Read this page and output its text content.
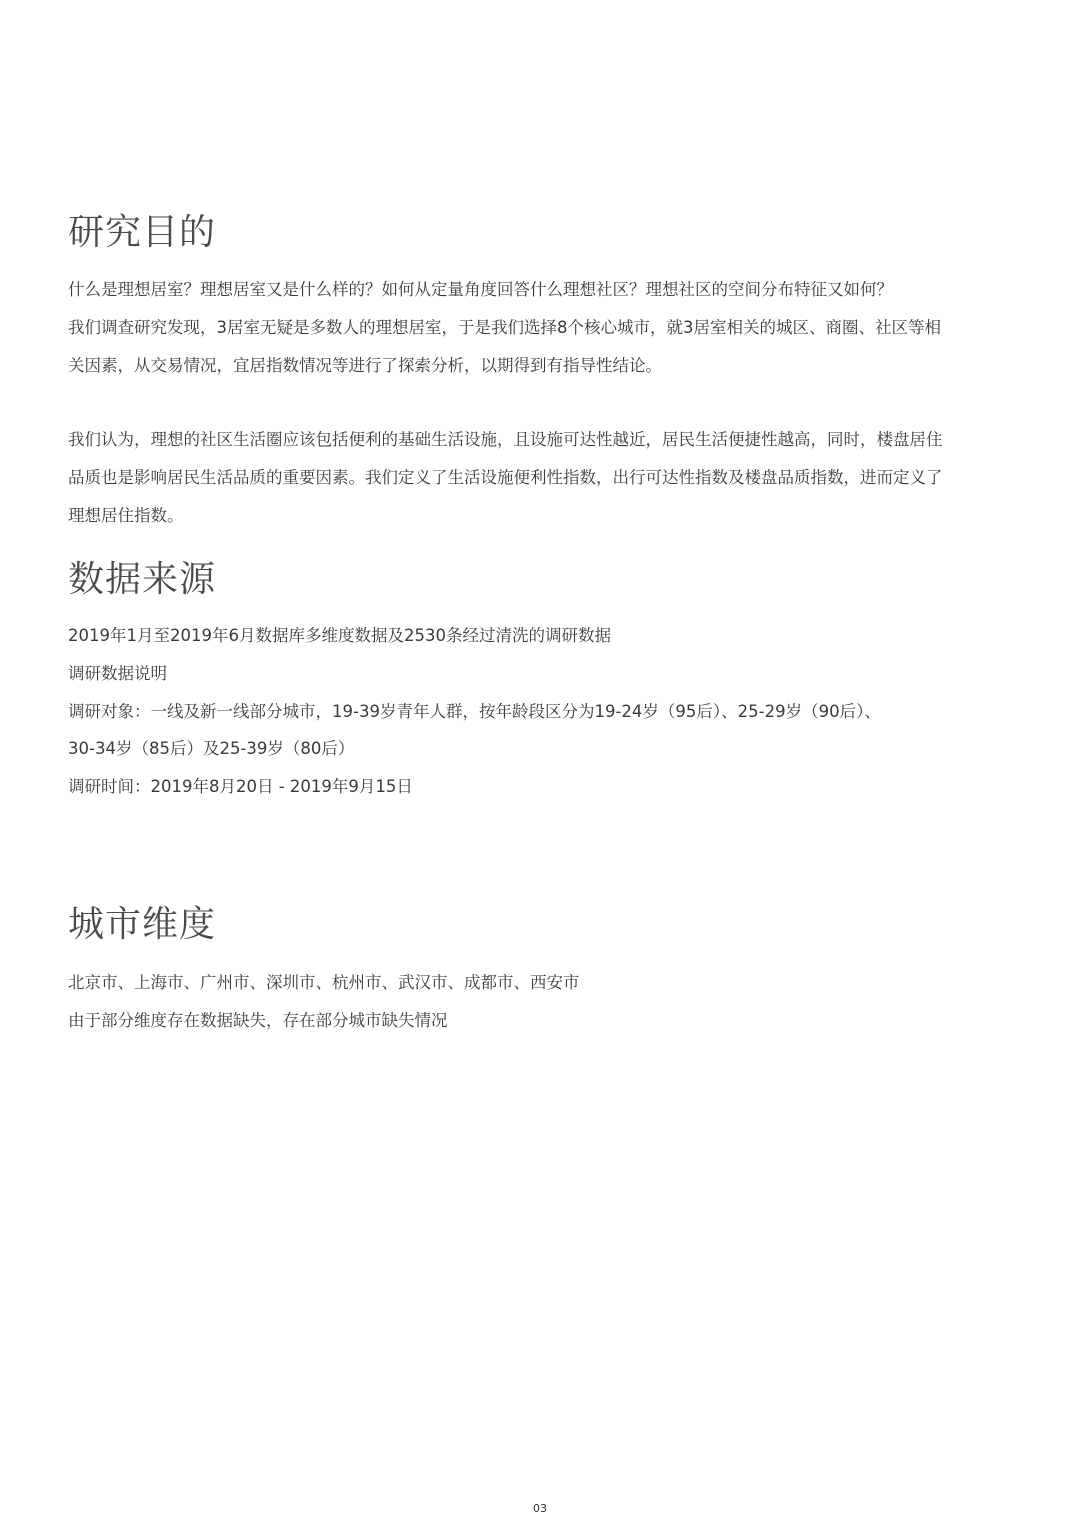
研究目的

什么是理想居室？理想居室又是什么样的？如何从定量角度回答什么理想社区？理想社区的空间分布特征又如何？

我们调查研究发现，3居室无疑是多数人的理想居室，于是我们选择8个核心城市，就3居室相关的城区、商圈、社区等相

关因素，从交易情况，宜居指数情况等进行了探索分析，以期得到有指导性结论。

我们认为，理想的社区生活圈应该包括便利的基础生活设施，且设施可达性越近，居民生活便捷性越高，同时，楼盘居住

品质也是影响居民生活品质的重要因素。我们定义了生活设施便利性指数，出行可达性指数及楼盘品质指数，进而定义了

理想居住指数。

数据来源

2019年1月至2019年6月数据库多维度数据及2530条经过清洗的调研数据

调研数据说明

调研对象：一线及新一线部分城市，19-39岁青年人群，按年龄段区分为19-24岁（95后）、25-29岁（90后）、

30-34岁（85后）及25-39岁（80后）

调研时间：2019年8月20日 - 2019年9月15日

城市维度

北京市、上海市、广州市、深圳市、杭州市、武汉市、成都市、西安市

由于部分维度存在数据缺失，存在部分城市缺失情况

03
